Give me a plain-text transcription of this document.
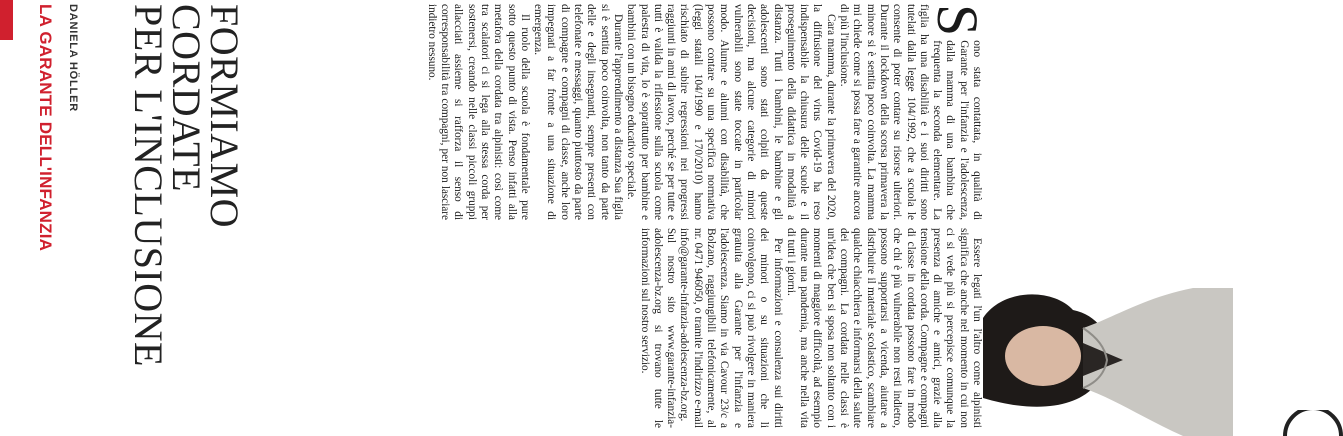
LA GARANTE DELL'INFANZIA DANIELA HÖLLER	FORMIAMO
CORDATE
PER L'INCLUSIONE	S
ono stata contattata, in qualità di Garante per l'infanzia e l'adolescenza, dalla mamma di una bambina che frequenta la seconda elementare. La figlia ha una disabilità e i suoi diritti sono tutelati dalla legge 104/1992, che a scuola le consente di poter contare su risorse ulteriori. Durante il lockdown della scorsa primavera la minore si è sentita poco coinvolta. La mamma mi chiede come si possa fare a garantire ancora di più l'inclusione.

Cara mamma, durante la primavera del 2020, la diffusione del virus Covid-19 ha reso indispensabile la chiusura delle scuole e il proseguimento della didattica in modalità a distanza. Tutti i bambini, le bambine e gli adolescenti sono stati colpiti da queste decisioni, ma alcune categorie di minori vulnerabili sono state toccate in particolar modo. Alunne e alunni con disabilità, che possono contare su una specifica normativa (leggi statali 104/1990 e 170/2010) hanno rischiato di subire regressioni nei progressi raggiunti in anni di lavoro, perché se per tutte e tutti è valida la riflessione sulla scuola come palestra di vita, lo è soprattutto per bambine e bambini con un bisogno educativo speciale.

Durante l'apprendimento a distanza Sua figlia si è sentita poco coinvolta, non tanto da parte delle e degli insegnanti, sempre presenti con telefonate e messaggi, quanto piuttosto da parte di compagne e compagni di classe, anche loro impegnati a far fronte a una situazione di emergenza.

Il ruolo della scuola è fondamentale pure sotto questo punto di vista. Penso infatti alla metafora della cordata tra alpinisti: così come tra scalatori ci si lega alla stessa corda per sostenersi, creando nelle classi piccoli gruppi allacciati assieme si rafforza il senso di corresponsabilità tra compagni, per non lasciare indietro nessuno.

Essere legati l'un l'altro come alpinisti significa che anche nel momento in cui non ci si vede più si percepisce comunque la presenza di amiche e amici, grazie alla tensione della corda. Compagne e compagni di classe in cordata possono fare in modo che chi è più vulnerabile non resti indietro, possono supportarsi a vicenda, aiutare a distribuire il materiale scolastico, scambiare qualche chiacchiera e informarsi della salute dei compagni. La cordata nelle classi è un'idea che ben si sposa non soltanto con i momenti di maggiore difficoltà, ad esempio durante una pandemia, ma anche nella vita di tutti i giorni.

Per informazioni e consulenza sui diritti dei minori o su situazioni che li coinvolgono, ci si può rivolgere in maniera gratuita alla Garante per l'infanzia e l'adolescenza. Siamo in via Cavour 23/c a Bolzano, raggiungibili telefonicamente, al nr. 0471 946050, o tramite l'indirizzo e-mail info@garante-infanzia-adolescenza-bz.org. Sul nostro sito www.garante-infanzia-adolescenza-bz.org si trovano tutte le informazioni sul nostro servizio.
